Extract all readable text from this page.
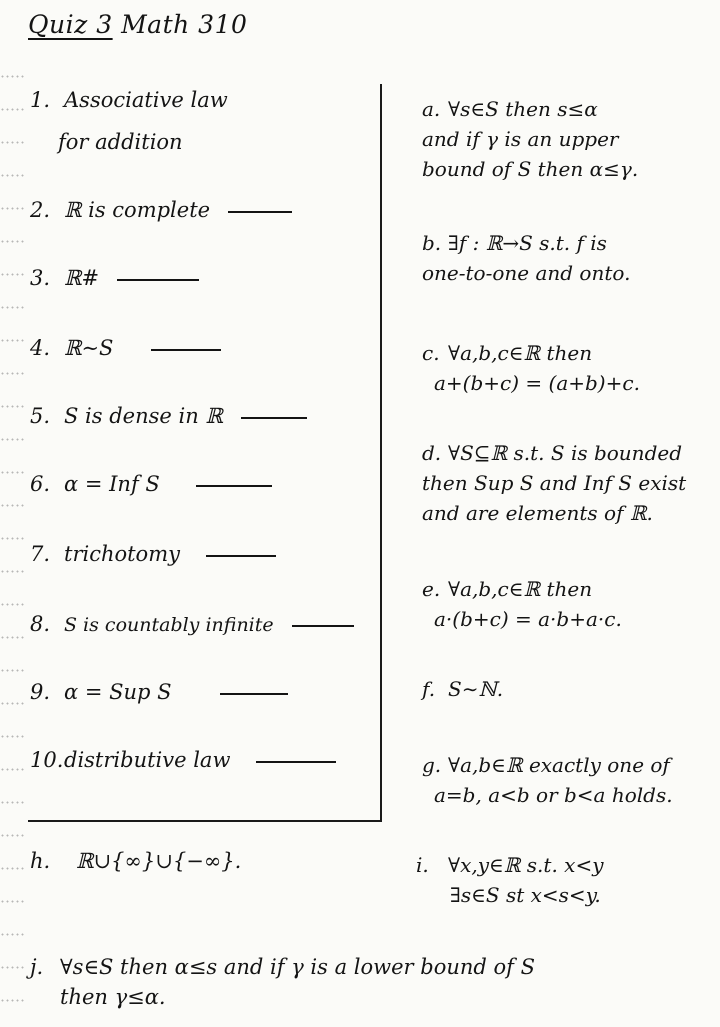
Quiz 3 Math 310
1. Associative law
for addition
2. ℝ is complete
3. ℝ#
4. ℝ∼S
5. S is dense in ℝ
6. α = Inf S
7. trichotomy
8. S is countably infinite
9. α = Sup S
10.distributive law
a. ∀s∈S then s≤α
and if γ is an upper
bound of S then α≤γ.
b. ∃f : ℝ→S s.t. f is
one-to-one and onto.
c. ∀a,b,c∈ℝ then
a+(b+c) = (a+b)+c.
d. ∀S⊆ℝ s.t. S is bounded
then Sup S and Inf S exist
and are elements of ℝ.
e. ∀a,b,c∈ℝ then
a·(b+c) = a·b+a·c.
f. S∼ℕ.
g. ∀a,b∈ℝ exactly one of
a=b, a<b or b<a holds.
h. ℝ∪{∞}∪{−∞}.	i. ∀x,y∈ℝ s.t. x<y
∃s∈S st x<s<y.
j. ∀s∈S then α≤s and if γ is a lower bound of S
then γ≤α.
